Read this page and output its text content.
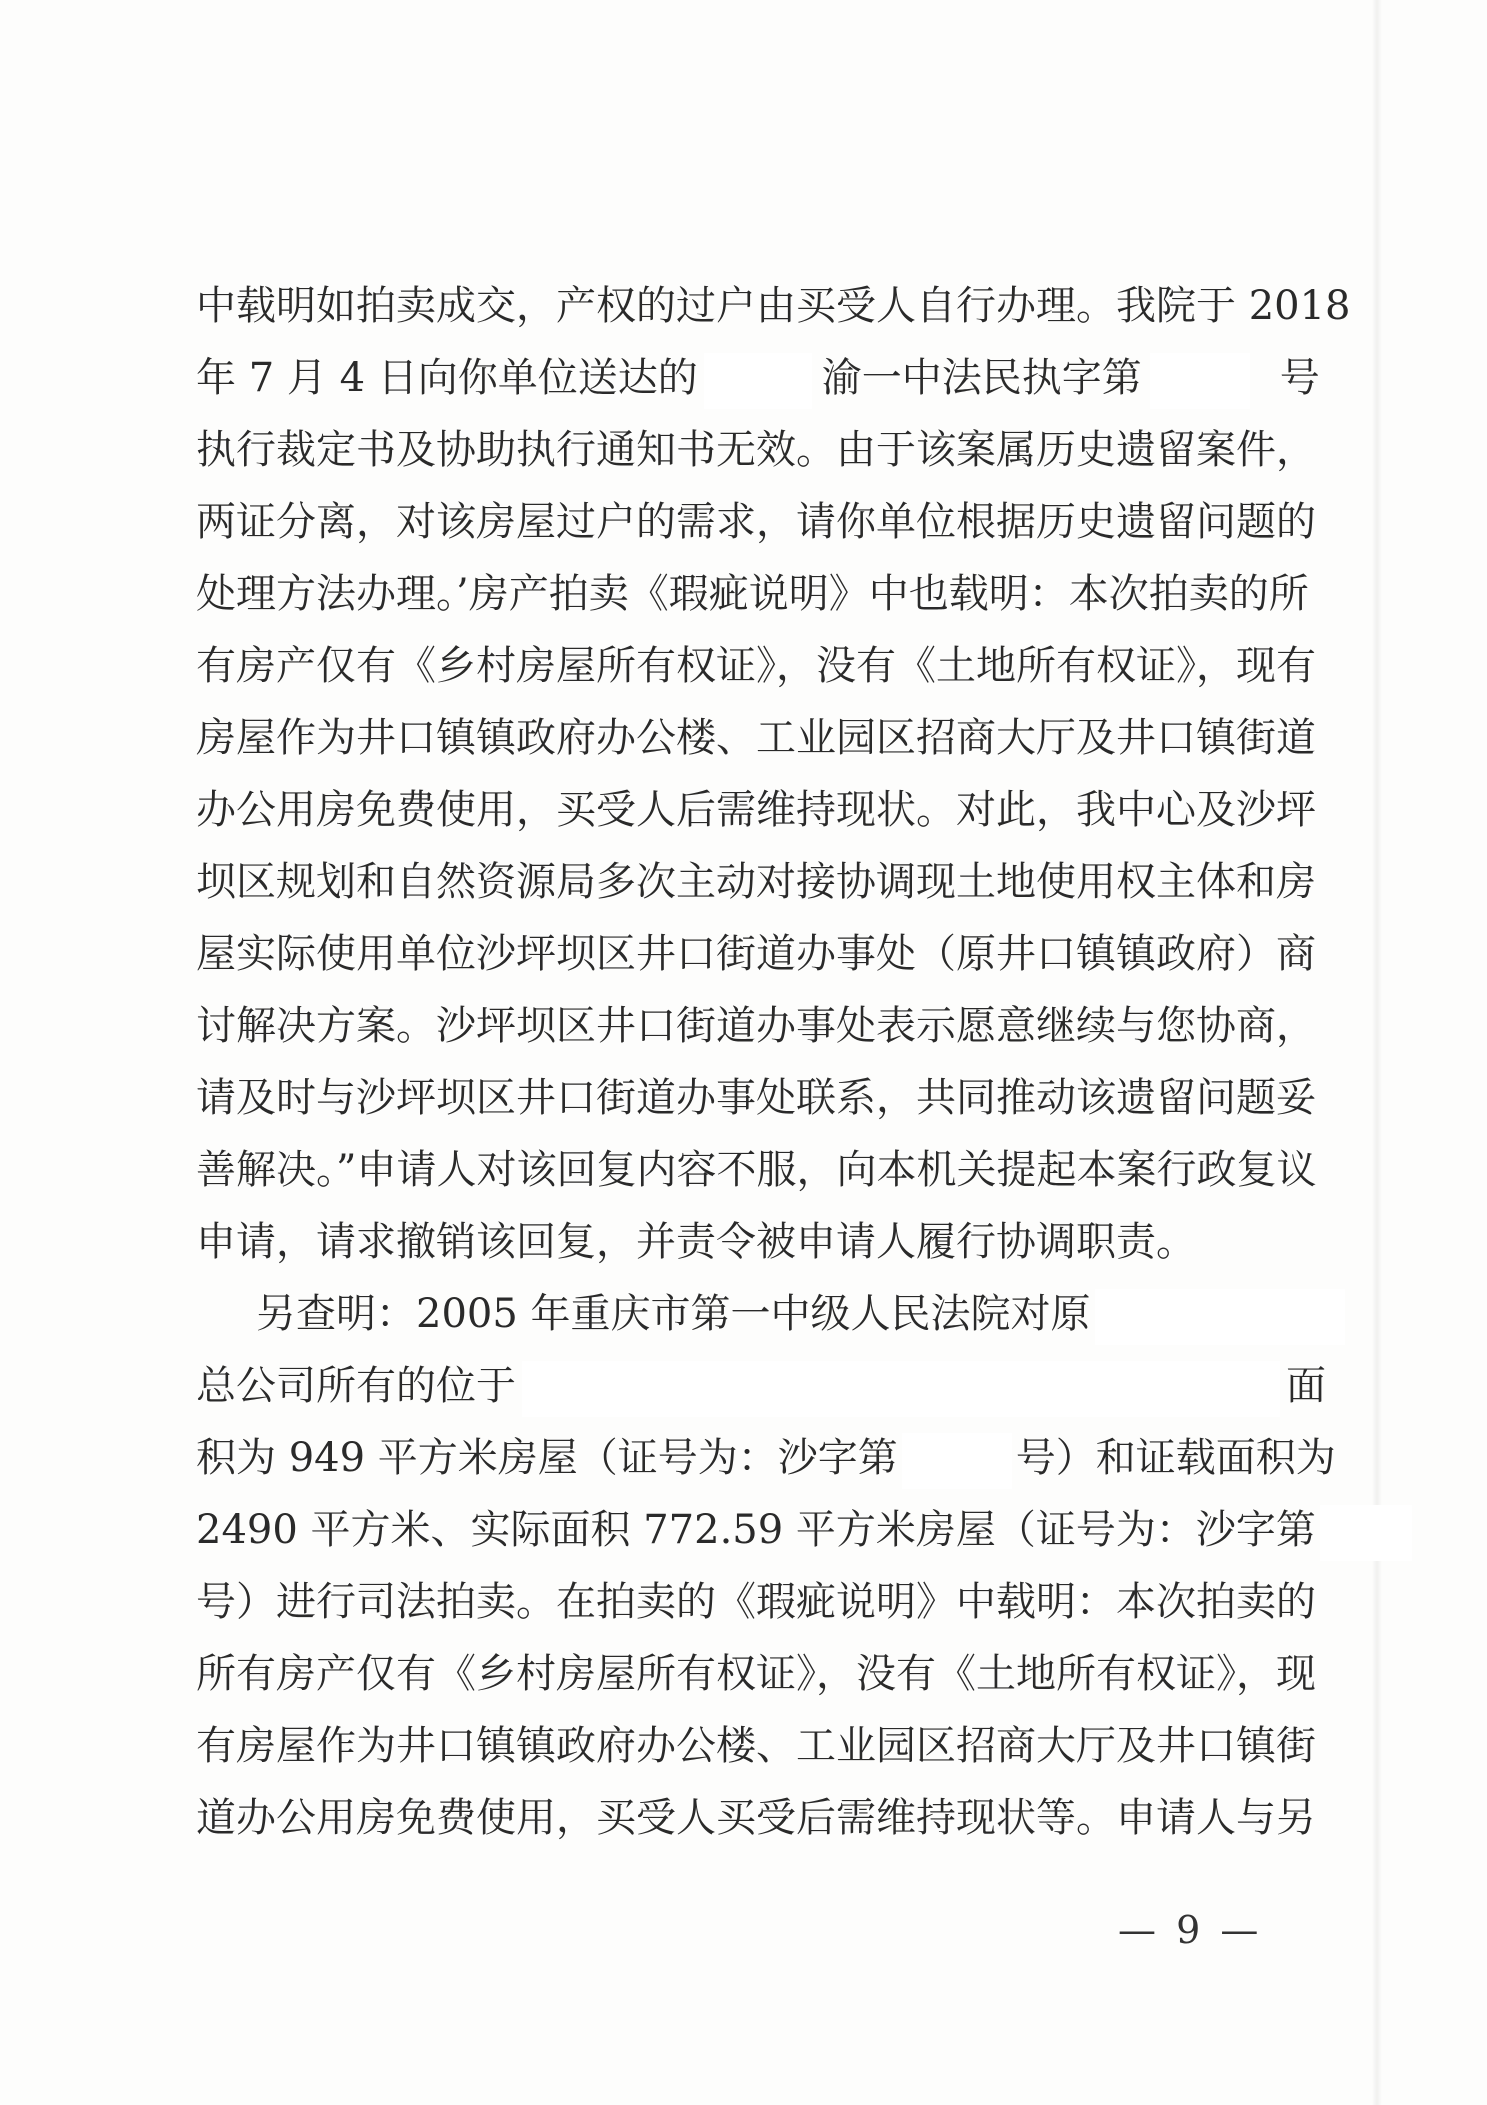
中载明如拍卖成交，产权的过户由买受人自行办理。我院于 2018
年 7 月 4 日向你单位送达的	渝一中法民执字第	号
执行裁定书及协助执行通知书无效。由于该案属历史遗留案件，
两证分离，对该房屋过户的需求，请你单位根据历史遗留问题的
处理方法办理。’房产拍卖《瑕疵说明》中也载明：本次拍卖的所
有房产仅有《乡村房屋所有权证》，没有《土地所有权证》，现有
房屋作为井口镇镇政府办公楼、工业园区招商大厅及井口镇街道
办公用房免费使用，买受人后需维持现状。对此，我中心及沙坪
坝区规划和自然资源局多次主动对接协调现土地使用权主体和房
屋实际使用单位沙坪坝区井口街道办事处（原井口镇镇政府）商
讨解决方案。沙坪坝区井口街道办事处表示愿意继续与您协商，
请及时与沙坪坝区井口街道办事处联系，共同推动该遗留问题妥
善解决。”申请人对该回复内容不服，向本机关提起本案行政复议
申请，请求撤销该回复，并责令被申请人履行协调职责。
另查明：2005 年重庆市第一中级人民法院对原
总公司所有的位于	面
积为 949 平方米房屋（证号为：沙字第	号）和证载面积为
2490 平方米、实际面积 772.59 平方米房屋（证号为：沙字第
号）进行司法拍卖。在拍卖的《瑕疵说明》中载明：本次拍卖的
所有房产仅有《乡村房屋所有权证》，没有《土地所有权证》，现
有房屋作为井口镇镇政府办公楼、工业园区招商大厅及井口镇街
道办公用房免费使用，买受人买受后需维持现状等。申请人与另
— 9 —
